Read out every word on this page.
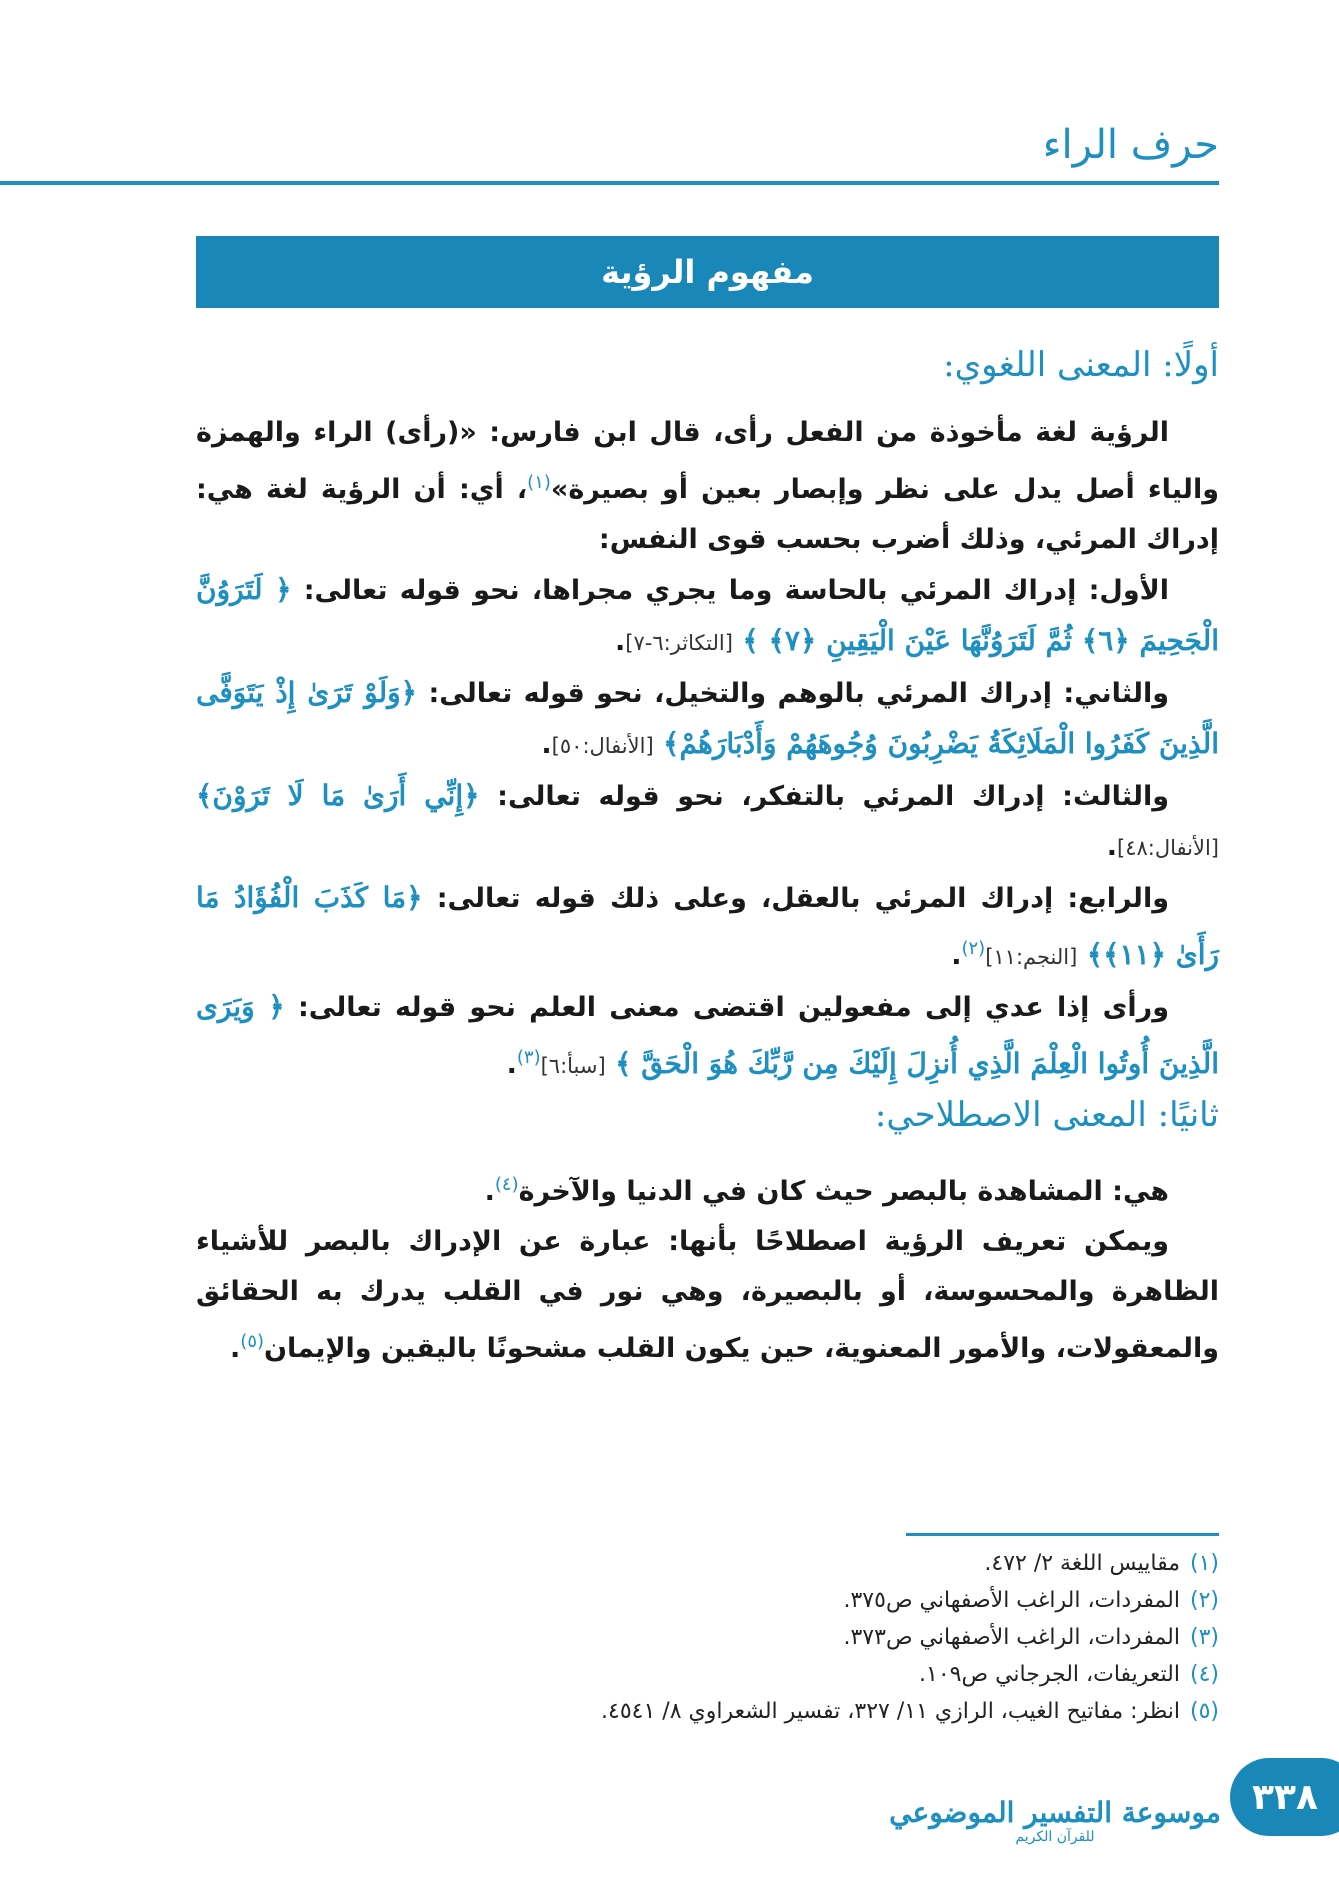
حرف الراء
مفهوم الرؤية
أولًا: المعنى اللغوي:

الرؤية لغة مأخوذة من الفعل رأى، قال ابن فارس: «(رأى) الراء والهمزة والياء أصل يدل على نظر وإبصار بعين أو بصيرة»$^{(١)}$، أي: أن الرؤية لغة هي: إدراك المرئي، وذلك أضرب بحسب قوى النفس:

الأول: إدراك المرئي بالحاسة وما يجري مجراها، نحو قوله تعالى: ﴿ لَتَرَوُنَّ الْجَحِيمَ ﴿٦﴾ ثُمَّ لَتَرَوُنَّهَا عَيْنَ الْيَقِينِ ﴿٧﴾ ﴾ [التكاثر:٦-٧].

والثاني: إدراك المرئي بالوهم والتخيل، نحو قوله تعالى: ﴿وَلَوْ تَرَىٰ إِذْ يَتَوَفَّى الَّذِينَ كَفَرُوا الْمَلَائِكَةُ يَضْرِبُونَ وُجُوهَهُمْ وَأَدْبَارَهُمْ﴾ [الأنفال:٥٠].

والثالث: إدراك المرئي بالتفكر، نحو قوله تعالى: ﴿إِنِّي أَرَىٰ مَا لَا تَرَوْنَ﴾ [الأنفال:٤٨].

والرابع: إدراك المرئي بالعقل، وعلى ذلك قوله تعالى: ﴿مَا كَذَبَ الْفُؤَادُ مَا رَأَىٰ ﴿١١﴾﴾ [النجم:١١]$^{(٢)}$.

ورأى إذا عدي إلى مفعولين اقتضى معنى العلم نحو قوله تعالى: ﴿ وَيَرَى الَّذِينَ أُوتُوا الْعِلْمَ الَّذِي أُنزِلَ إِلَيْكَ مِن رَّبِّكَ هُوَ الْحَقَّ ﴾ [سبأ:٦]$^{(٣)}$.

ثانيًا: المعنى الاصطلاحي:

هي: المشاهدة بالبصر حيث كان في الدنيا والآخرة$^{(٤)}$.

ويمكن تعريف الرؤية اصطلاحًا بأنها: عبارة عن الإدراك بالبصر للأشياء الظاهرة والمحسوسة، أو بالبصيرة، وهي نور في القلب يدرك به الحقائق والمعقولات، والأمور المعنوية، حين يكون القلب مشحونًا باليقين والإيمان$^{(٥)}$.

(١)مقاييس اللغة ٢/ ٤٧٢.
(٢)المفردات، الراغب الأصفهاني ص٣٧٥.
(٣)المفردات، الراغب الأصفهاني ص٣٧٣.
(٤)التعريفات، الجرجاني ص١٠٩.
(٥)انظر: مفاتيح الغيب، الرازي ١١/ ٣٢٧، تفسير الشعراوي ٨/ ٤٥٤١.
موسوعة التفسير الموضوعي
للقرآن الكريم
٣٣٨
